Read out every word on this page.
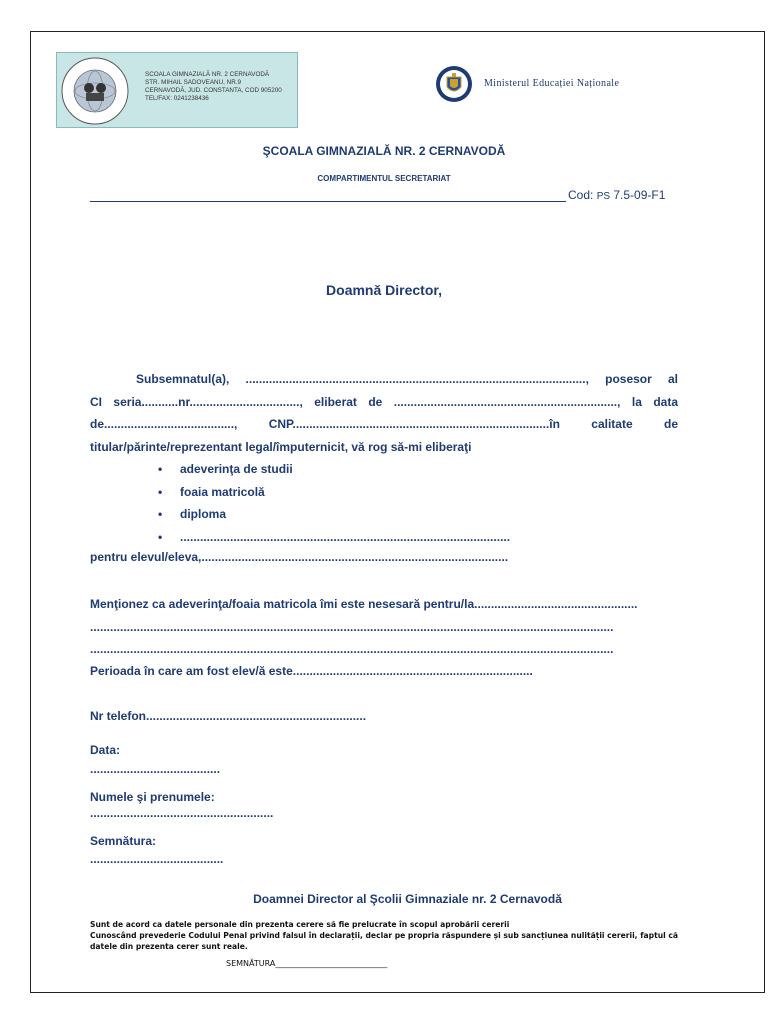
SCOALA GIMNAZIALĂ NR. 2 CERNAVODĂ
STR. MIHAIL SADOVEANU, NR.9
CERNAVODĂ, JUD. CONSTANTA, COD 905200
TEL/FAX: 0241238436
Ministerul Educației Naționale
ŞCOALA GIMNAZIALĂ NR. 2 CERNAVODĂ
COMPARTIMENTUL SECRETARIAT
Cod: PS 7.5-09-F1
Doamnă Director,
Subsemnatul(a), ......................................................................................................, posesor al
CI seria...........nr................................., eliberat de ..................................................................., la data
de......................................., CNP.............................................................................în calitate de
titular/părinte/reprezentant legal/împuternicit, vă rog să-mi eliberaţi
• adeverinţa de studii
• foaia matricolă
• diploma
• ...................................................................................................
pentru elevul/eleva,............................................................................................
Menţionez ca adeverinţa/foaia matricola îmi este nesesară pentru/la.................................................
.............................................................................................................................................................
.............................................................................................................................................................
Perioada în care am fost elev/ă este........................................................................
Nr telefon..................................................................
Data:
.......................................
Numele şi prenumele:
.......................................................
Semnătura:
........................................
Doamnei Director al Şcolii Gimnaziale nr. 2 Cernavodă
Sunt de acord ca datele personale din prezenta cerere să fie prelucrate în scopul aprobării cererii
Cunoscând prevederie Codului Penal privind falsul în declarații, declar pe propria răspundere și sub sancțiunea nulității cererii, faptul că
datele din prezenta cerer sunt reale.
SEMNĂTURA____________________________
